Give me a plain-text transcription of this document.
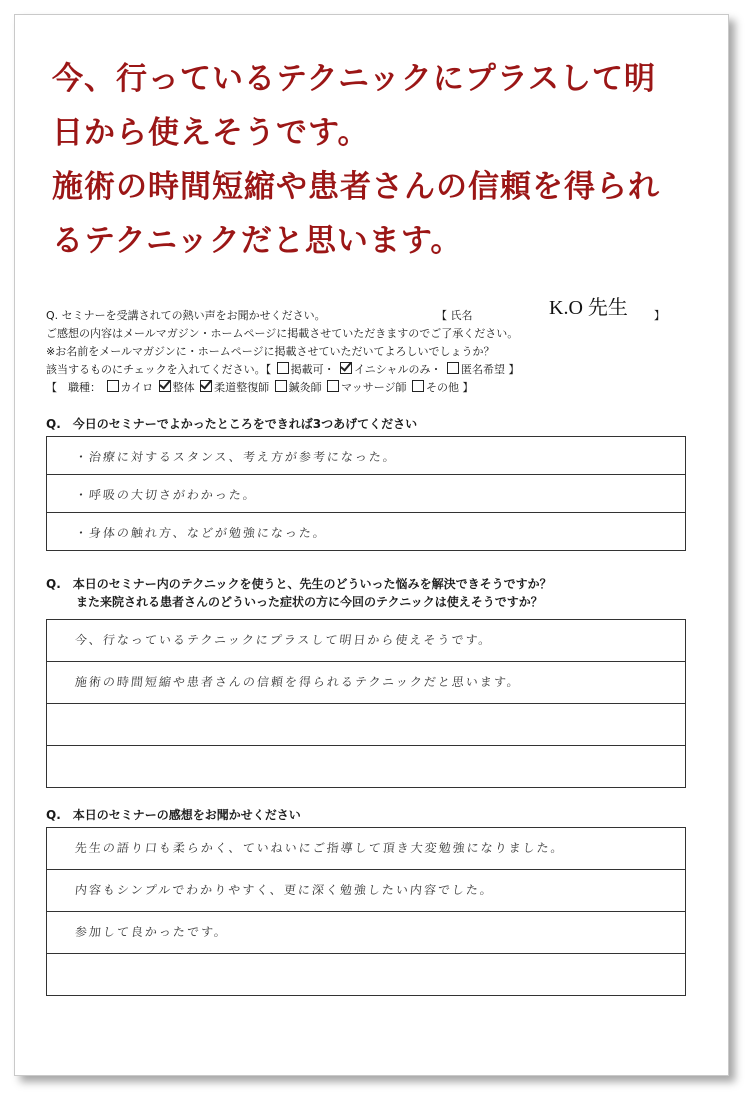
今、行っているテクニックにプラスして明
日から使えそうです。
施術の時間短縮や患者さんの信頼を得られ
るテクニックだと思います。
Q. セミナーを受講されての熱い声をお聞かせください。	【 氏名	K.O 先生 】
ご感想の内容はメールマガジン・ホームページに掲載させていただきますのでご了承ください。
※お名前をメールマガジンに・ホームページに掲載させていただいてよろしいでしょうか？
該当するものにチェックを入れてください。【 掲載可・ イニシャルのみ・ 匿名希望 】
【　職種： カイロ 整体 柔道整復師 鍼灸師 マッサージ師 その他 】
Q.　今日のセミナーでよかったところをできれば3つあげてください
・治療に対するスタンス、考え方が参考になった。
・呼吸の大切さがわかった。
・身体の触れ方、などが勉強になった。
Q.　本日のセミナー内のテクニックを使うと、先生のどういった悩みを解決できそうですか？
また来院される患者さんのどういった症状の方に今回のテクニックは使えそうですか？
今、行なっているテクニックにプラスして明日から使えそうです。
施術の時間短縮や患者さんの信頼を得られるテクニックだと思います。
Q.　本日のセミナーの感想をお聞かせください
先生の語り口も柔らかく、ていねいにご指導して頂き大変勉強になりました。
内容もシンプルでわかりやすく、更に深く勉強したい内容でした。
参加して良かったです。
